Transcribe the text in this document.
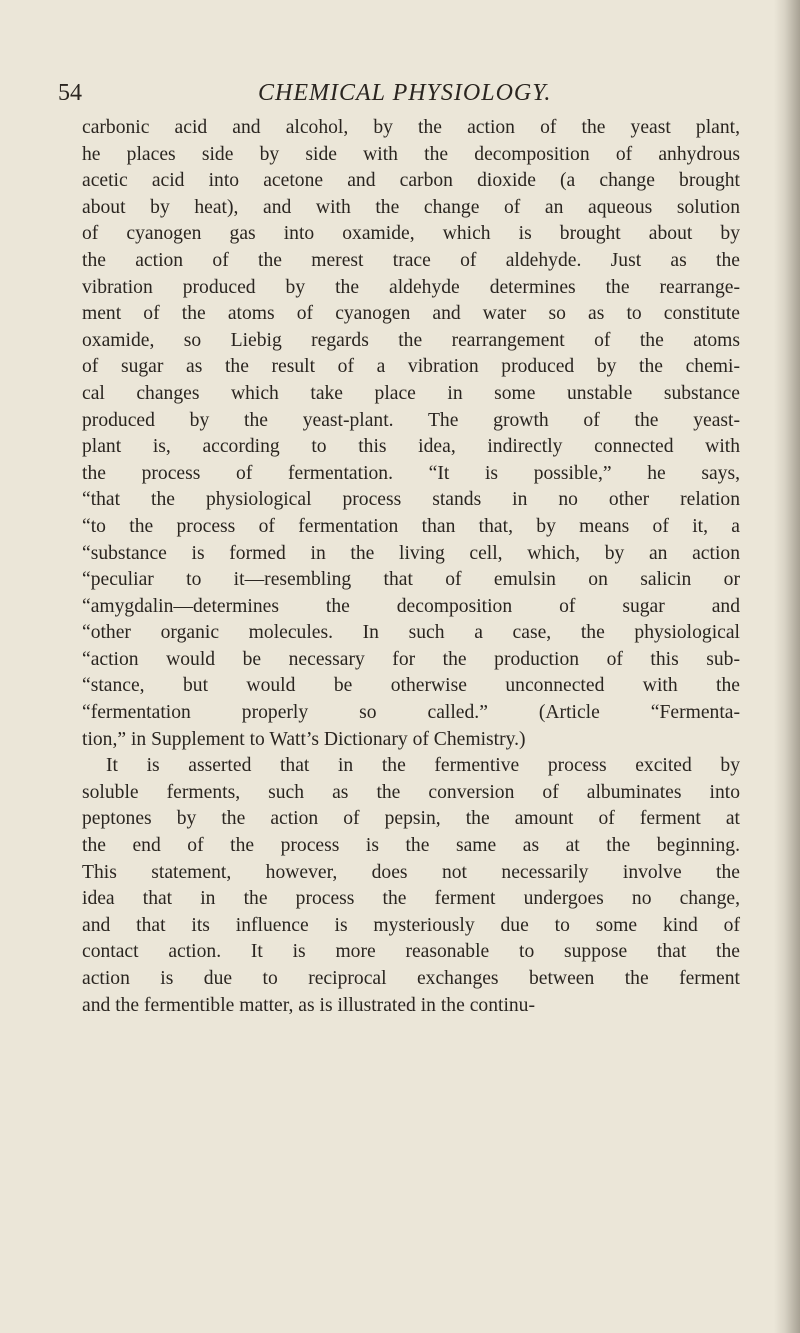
54	CHEMICAL PHYSIOLOGY.
carbonic acid and alcohol, by the action of the yeast plant,
he places side by side with the decomposition of anhydrous
acetic acid into acetone and carbon dioxide (a change brought
about by heat), and with the change of an aqueous solution
of cyanogen gas into oxamide, which is brought about by
the action of the merest trace of aldehyde. Just as the
vibration produced by the aldehyde determines the rearrange-
ment of the atoms of cyanogen and water so as to constitute
oxamide, so Liebig regards the rearrangement of the atoms
of sugar as the result of a vibration produced by the chemi-
cal changes which take place in some unstable substance
produced by the yeast-plant. The growth of the yeast-
plant is, according to this idea, indirectly connected with
the process of fermentation. “It is possible,” he says,
“that the physiological process stands in no other relation
“to the process of fermentation than that, by means of it, a
“substance is formed in the living cell, which, by an action
“peculiar to it—resembling that of emulsin on salicin or
“amygdalin—determines the decomposition of sugar and
“other organic molecules. In such a case, the physiological
“action would be necessary for the production of this sub-
“stance, but would be otherwise unconnected with the
“fermentation properly so called.” (Article “Fermenta-
tion,” in Supplement to Watt’s Dictionary of Chemistry.)
It is asserted that in the fermentive process excited by
soluble ferments, such as the conversion of albuminates into
peptones by the action of pepsin, the amount of ferment at
the end of the process is the same as at the beginning.
This statement, however, does not necessarily involve the
idea that in the process the ferment undergoes no change,
and that its influence is mysteriously due to some kind of
contact action. It is more reasonable to suppose that the
action is due to reciprocal exchanges between the ferment
and the fermentible matter, as is illustrated in the continu-
